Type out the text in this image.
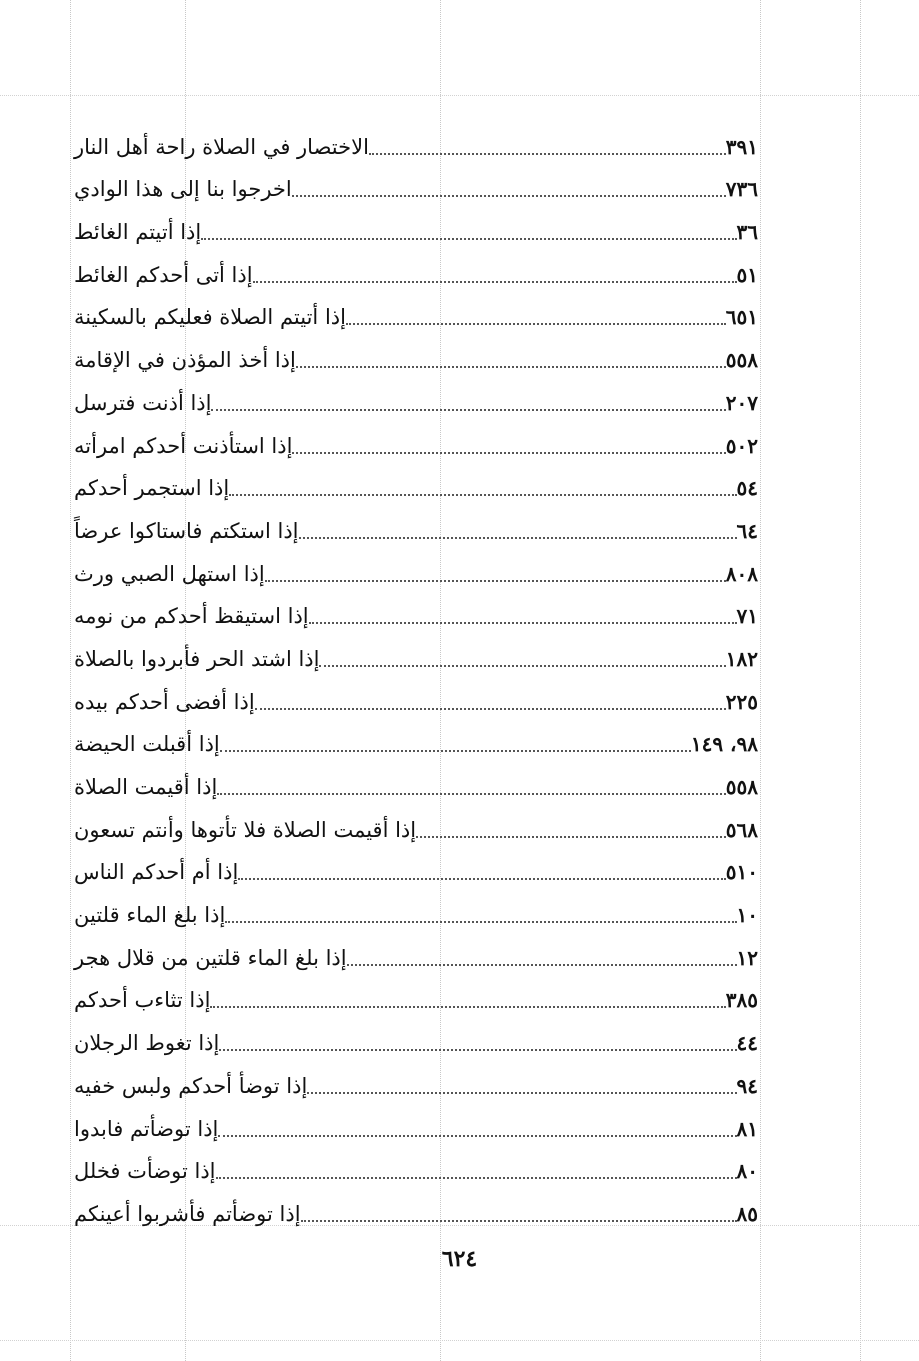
الاختصار في الصلاة راحة أهل النار	٣٩١
اخرجوا بنا إلى هذا الوادي	٧٣٦
إذا أتيتم الغائط	٣٦
إذا أتى أحدكم الغائط	٥١
إذا أتيتم الصلاة فعليكم بالسكينة	٦٥١
إذا أخذ المؤذن في الإقامة	٥٥٨
إذا أذنت فترسل	٢٠٧
إذا استأذنت أحدكم امرأته	٥٠٢
إذا استجمر أحدكم	٥٤
إذا استكتم فاستاكوا عرضاً	٦٤
إذا استهل الصبي ورث	٨٠٨
إذا استيقظ أحدكم من نومه	٧١
إذا اشتد الحر فأبردوا بالصلاة	١٨٢
إذا أفضى أحدكم بيده	٢٢٥
إذا أقبلت الحيضة	٩٨، ١٤٩
إذا أقيمت الصلاة	٥٥٨
إذا أقيمت الصلاة فلا تأتوها وأنتم تسعون	٥٦٨
إذا أم أحدكم الناس	٥١٠
إذا بلغ الماء قلتين	١٠
إذا بلغ الماء قلتين من قلال هجر	١٢
إذا تثاءب أحدكم	٣٨٥
إذا تغوط الرجلان	٤٤
إذا توضأ أحدكم ولبس خفيه	٩٤
إذا توضأتم فابدوا	٨١
إذا توضأت فخلل	٨٠
إذا توضأتم فأشربوا أعينكم	٨٥
٦٢٤
